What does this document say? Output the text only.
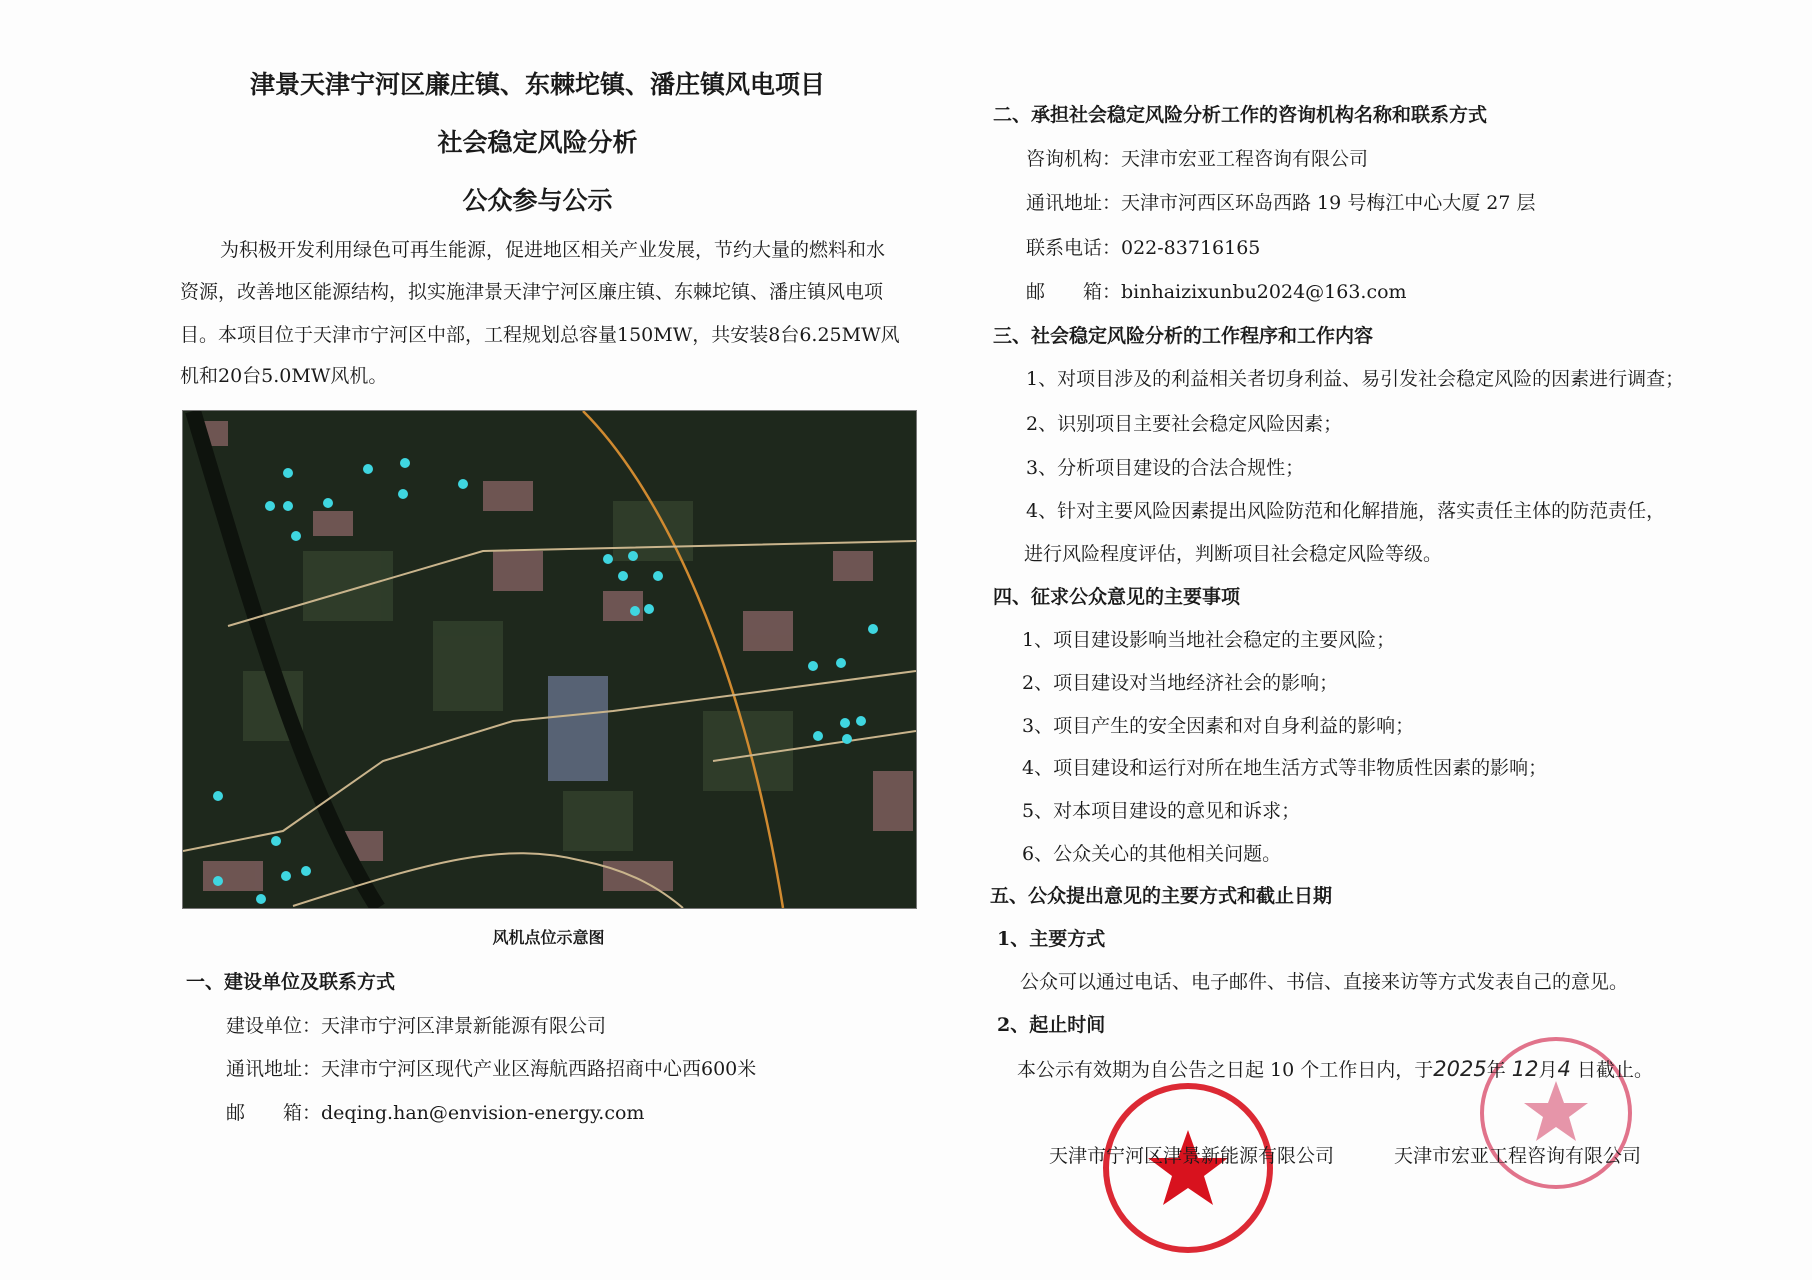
津景天津宁河区廉庄镇、东棘坨镇、潘庄镇风电项目
社会稳定风险分析
公众参与公示
为积极开发利用绿色可再生能源，促进地区相关产业发展，节约大量的燃料和水
资源，改善地区能源结构，拟实施津景天津宁河区廉庄镇、东棘坨镇、潘庄镇风电项
目。本项目位于天津市宁河区中部，工程规划总容量150MW，共安装8台6.25MW风
机和20台5.0MW风机。
风机点位示意图
一、建设单位及联系方式
建设单位：天津市宁河区津景新能源有限公司
通讯地址：天津市宁河区现代产业区海航西路招商中心西600米
邮　　箱：deqing.han@envision-energy.com
二、承担社会稳定风险分析工作的咨询机构名称和联系方式
咨询机构：天津市宏亚工程咨询有限公司
通讯地址：天津市河西区环岛西路 19 号梅江中心大厦 27 层
联系电话：022-83716165
邮　　箱：binhaizixunbu2024@163.com
三、社会稳定风险分析的工作程序和工作内容
1、对项目涉及的利益相关者切身利益、易引发社会稳定风险的因素进行调查；
2、识别项目主要社会稳定风险因素；
3、分析项目建设的合法合规性；
4、针对主要风险因素提出风险防范和化解措施，落实责任主体的防范责任，
进行风险程度评估，判断项目社会稳定风险等级。
四、征求公众意见的主要事项
1、项目建设影响当地社会稳定的主要风险；
2、项目建设对当地经济社会的影响；
3、项目产生的安全因素和对自身利益的影响；
4、项目建设和运行对所在地生活方式等非物质性因素的影响；
5、对本项目建设的意见和诉求；
6、公众关心的其他相关问题。
五、公众提出意见的主要方式和截止日期
1、主要方式
公众可以通过电话、电子邮件、书信、直接来访等方式发表自己的意见。
2、起止时间
本公示有效期为自公告之日起 10 个工作日内，于2025年 12月4 日截止。
天津市宁河区津景新能源有限公司	天津市宏亚工程咨询有限公司
